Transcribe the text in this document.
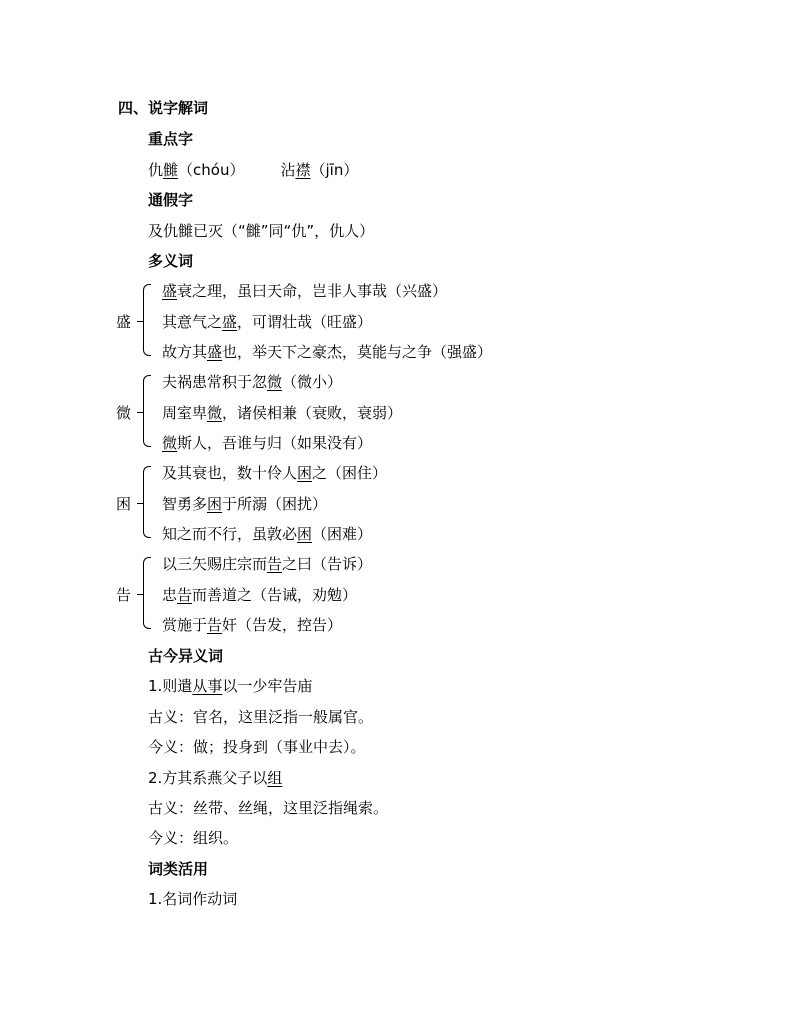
四、说字解词
重点字
仇雠（chóu） 沾襟（jīn）
通假字
及仇雠已灭（“雠”同“仇”，仇人）
多义词
盛
盛衰之理，虽曰天命，岂非人事哉（兴盛）
其意气之盛，可谓壮哉（旺盛）
故方其盛也，举天下之豪杰，莫能与之争（强盛）
微
夫祸患常积于忽微（微小）
周室卑微，诸侯相兼（衰败，衰弱）
微斯人，吾谁与归（如果没有）
困
及其衰也，数十伶人困之（困住）
智勇多困于所溺（困扰）
知之而不行，虽敦必困（困难）
告
以三矢赐庄宗而告之曰（告诉）
忠告而善道之（告诫，劝勉）
赏施于告奸（告发，控告）
古今异义词
1.则遣从事以一少牢告庙
古义：官名，这里泛指一般属官。
今义：做；投身到（事业中去）。
2.方其系燕父子以组
古义：丝带、丝绳，这里泛指绳索。
今义：组织。
词类活用
1.名词作动词
